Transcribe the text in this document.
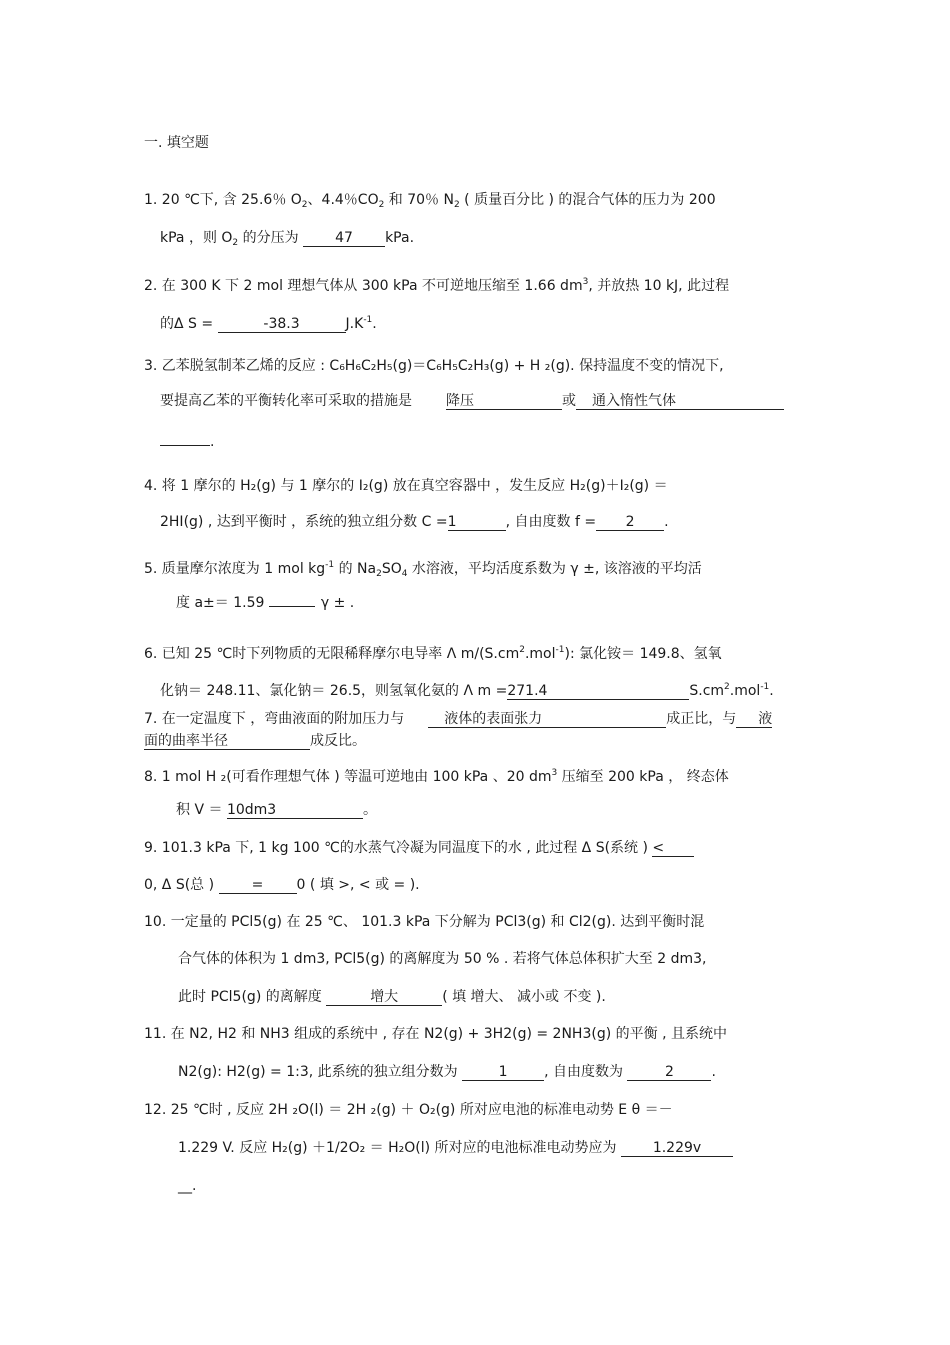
一. 填空题
1. 20 ℃下, 含 25.6％ $O_2$、4.4％$CO_2$ 和 70％ $N_2$ ( 质量百分比 ) 的混合气体的压力为 200
kPa ，则 $O_2$ 的分压为 47 kPa.
2. 在 300 K 下 2 mol 理想气体从 300 kPa 不可逆地压缩至 1.66 $dm^3$, 并放热 10 kJ, 此过程
的Δ S =	-38.3	$J.K^{-1}$.
3. 乙苯脱氢制苯乙烯的反应 : C₆H₆C₂H₅(g)＝C₆H₅C₂H₃(g) + H ₂(g). 保持温度不变的情况下,
要提高乙苯的平衡转化率可采取的措施是 降压	或 通入惰性气体
.
4. 将 1 摩尔的 H₂(g) 与 1 摩尔的 I₂(g) 放在真空容器中 ，发生反应 H₂(g)＋I₂(g) ＝
2HI(g) , 达到平衡时 ，系统的独立组分数 C =1	, 自由度数 f = 2 .
5. 质量摩尔浓度为 1 mol $kg^{-1}$ 的 $Na_2SO_4$ 水溶液，平均活度系数为 γ ±, 该溶液的平均活
度 a±＝ 1.59	γ ± .
6. 已知 25 ℃时下列物质的无限稀释摩尔电导率 Λ $m/(S.cm^2.mol^{-1})$: 氯化铵＝ 149.8、氢氧
化钠＝ 248.11、氯化钠＝ 26.5，则氢氧化氨的 Λ m =271.4	$S.cm^2.mol^{-1}$.
7. 在一定温度下 ，弯曲液面的附加压力与	液体的表面张力	成正比，与 液
面的曲率半径	成反比。
8. 1 mol H ₂(可看作理想气体 ) 等温可逆地由 100 kPa 、20 $dm^3$ 压缩至 200 kPa ， 终态体
积 V ＝ 10dm3	。
9. 101.3 kPa 下, 1 kg 100 ℃的水蒸气冷凝为同温度下的水 , 此过程 Δ S(系统 ) <
0, Δ S(总 ) = 0 ( 填 >, < 或 = ).
10. 一定量的 PCl5(g) 在 25 ℃、 101.3 kPa 下分解为 PCl3(g) 和 Cl2(g). 达到平衡时混
合气体的体积为 1 dm3, PCl5(g) 的离解度为 50 % . 若将气体总体积扩大至 2 dm3,
此时 PCl5(g) 的离解度	增大	( 填 增大、 减小或 不变 ).
11. 在 N2, H2 和 NH3 组成的系统中 , 存在 N2(g) + 3H2(g) = 2NH3(g) 的平衡 , 且系统中
N2(g): H2(g) = 1:3, 此系统的独立组分数为	1	, 自由度数为	2	.
12. 25 ℃时 , 反应 2H ₂O(l) ＝ 2H ₂(g) ＋ O₂(g) 所对应电池的标准电动势 E θ ＝－
1.229 V. 反应 H₂(g) ＋1/2O₂ ＝ H₂O(l) 所对应的电池标准电动势应为 1.229v
__.
